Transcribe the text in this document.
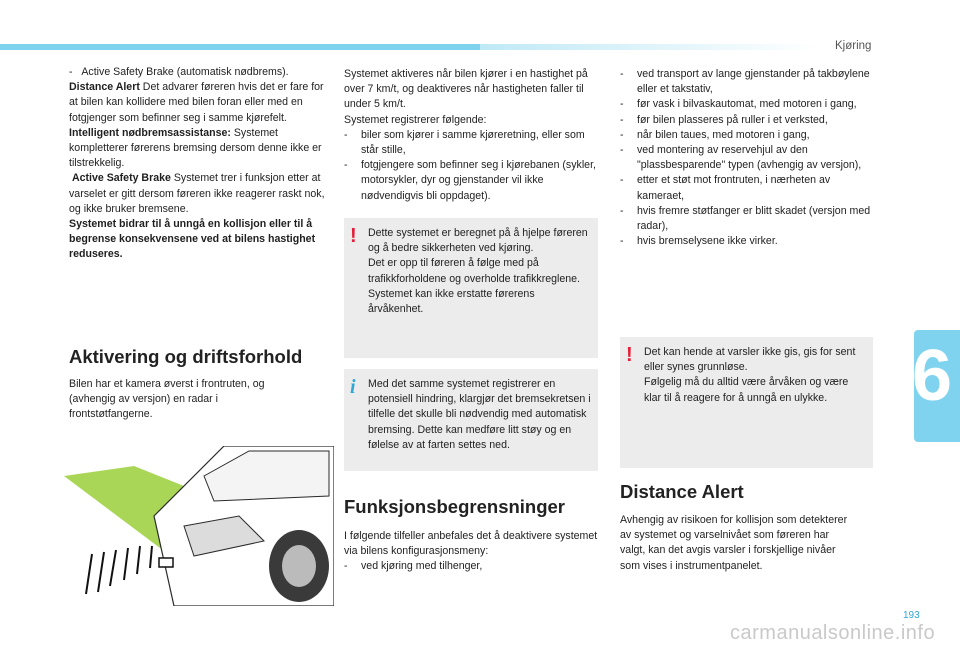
Kjøring
6

-   Active Safety Brake (automatisk nødbrems).

Distance Alert Det advarer føreren hvis det er fare for at bilen kan kollidere med bilen foran eller med en fotgjenger som befinner seg i samme kjørefelt.

Intelligent nødbremsassistanse: Systemet kompletterer førerens bremsing dersom denne ikke er tilstrekkelig.

Active Safety Brake Systemet trer i funksjon etter at varselet er gitt dersom føreren ikke reagerer raskt nok, og ikke bruker bremsene.

Systemet bidrar til å unngå en kollisjon eller til å begrense konsekvensene ved at bilens hastighet reduseres.

Aktivering og driftsforhold
Bilen har et kamera øverst i frontruten, og (avhengig av versjon) en radar i frontstøtfangerne.

Systemet aktiveres når bilen kjører i en hastighet på over 7 km/t, og deaktiveres når hastigheten faller til under 5 km/t.

Systemet registrerer følgende:

- biler som kjører i samme kjøreretning, eller som står stille,

- fotgjengere som befinner seg i kjørebanen (sykler, motorsykler, dyr og gjenstander vil ikke nødvendigvis bli oppdaget).

! Dette systemet er beregnet på å hjelpe føreren og å bedre sikkerheten ved kjøring.

Det er opp til føreren å følge med på trafikkforholdene og overholde trafikkreglene.

Systemet kan ikke erstatte førerens årvåkenhet.

i Med det samme systemet registrerer en potensiell hindring, klargjør det bremsekretsen i tilfelle det skulle bli nødvendig med automatisk bremsing. Dette kan medføre litt støy og en følelse av at farten settes ned.

Funksjonsbegrensninger

I følgende tilfeller anbefales det å deaktivere systemet via bilens konfigurasjonsmeny:

- ved kjøring med tilhenger,

- ved transport av lange gjenstander på takbøylene eller et takstativ,

- før vask i bilvaskautomat, med motoren i gang,

- før bilen plasseres på ruller i et verksted,

- når bilen taues, med motoren i gang,

- ved montering av reservehjul av den "plassbesparende" typen (avhengig av versjon),

- etter et støt mot frontruten, i nærheten av kameraet,

- hvis fremre støtfanger er blitt skadet (versjon med radar),

- hvis bremselysene ikke virker.

! Det kan hende at varsler ikke gis, gis for sent eller synes grunnløse.

Følgelig må du alltid være årvåken og være klar til å reagere for å unngå en ulykke.

Distance Alert
Avhengig av risikoen for kollisjon som detekterer av systemet og varselnivået som føreren har valgt, kan det avgis varsler i forskjellige nivåer som vises i instrumentpanelet.
193
carmanualsonline.info
